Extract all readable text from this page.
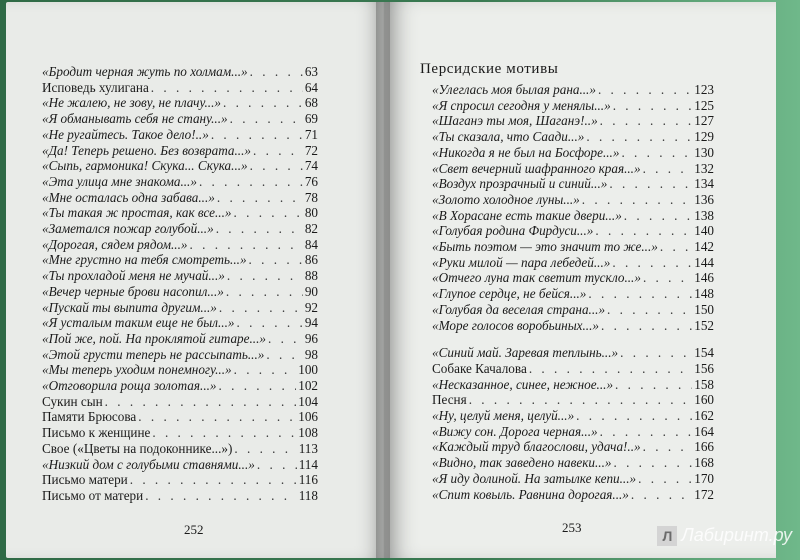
«Бродит черная жуть по холмам...» . . .	63
Исповедь хулигана . . .	64
«Не жалею, не зову, не плачу...» . . .	68
«Я обманывать себя не стану...» . . .	69
«Не ругайтесь. Такое дело!..» . . .	71
«Да! Теперь решено. Без возврата...» . . .	72
«Сыпь, гармоника! Скука... Скука...» . . .	74
«Эта улица мне знакома...» . . .	76
«Мне осталась одна забава...» . . .	78
«Ты такая ж простая, как все...» . . .	80
«Заметался пожар голубой...» . . .	82
«Дорогая, сядем рядом...» . . .	84
«Мне грустно на тебя смотреть...» . . .	86
«Ты прохладой меня не мучай...» . . .	88
«Вечер черные брови насопил...» . . .	90
«Пускай ты выпита другим...» . . .	92
«Я усталым таким еще не был...» . . .	94
«Пой же, пой. На проклятой гитаре...» . . .	96
«Этой грусти теперь не рассыпать...» . . .	98
«Мы теперь уходим понемногу...» . . .	100
«Отговорила роща золотая...» . . .	102
Сукин сын . . .	104
Памяти Брюсова . . .	106
Письмо к женщине . . .	108
Свое («Цветы на подоконнике...») . . .	113
«Низкий дом с голубыми ставнями...» . . .	114
Письмо матери . . .	116
Письмо от матери . . .	118
252
Персидские мотивы
«Улеглась моя былая рана...» . . .	123
«Я спросил сегодня у менялы...» . . .	125
«Шаганэ ты моя, Шаганэ!..» . . .	127
«Ты сказала, что Саади...» . . .	129
«Никогда я не был на Босфоре...» . . .	130
«Свет вечерний шафранного края...» . . .	132
«Воздух прозрачный и синий...» . . .	134
«Золото холодное луны...» . . .	136
«В Хорасане есть такие двери...» . . .	138
«Голубая родина Фирдуси...» . . .	140
«Быть поэтом — это значит то же...» . . .	142
«Руки милой — пара лебедей...» . . .	144
«Отчего луна так светит тускло...» . . .	146
«Глупое сердце, не бейся...» . . .	148
«Голубая да веселая страна...» . . .	150
«Море голосов воробьиных...» . . .	152
«Синий май. Заревая теплынь...» . . .	154
Собаке Качалова . . .	156
«Несказанное, синее, нежное...» . . .	158
Песня . . .	160
«Ну, целуй меня, целуй...» . . .	162
«Вижу сон. Дорога черная...» . . .	164
«Каждый труд благослови, удача!..» . . .	166
«Видно, так заведено навеки...» . . .	168
«Я иду долиной. На затылке кепи...» . . .	170
«Спит ковыль. Равнина дорогая...» . . .	172
253	Л Лабиринт.ру
